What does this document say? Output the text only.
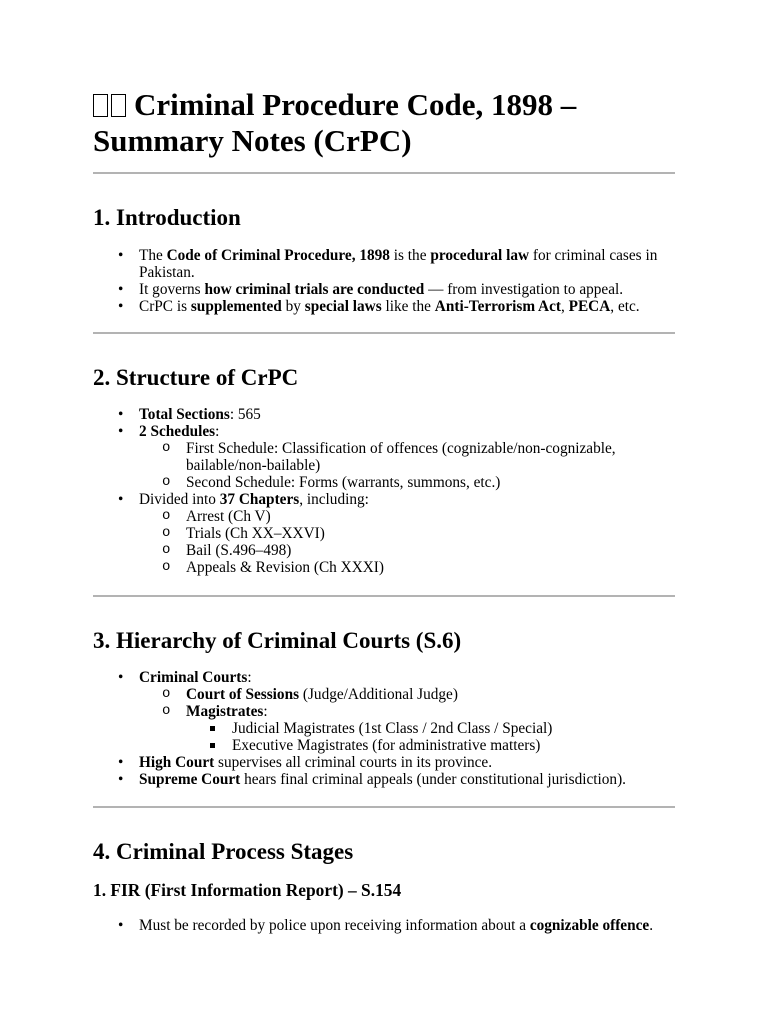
Criminal Procedure Code, 1898 – Summary Notes (CrPC)
1. Introduction
• The Code of Criminal Procedure, 1898 is the procedural law for criminal cases in Pakistan.
• It governs how criminal trials are conducted — from investigation to appeal.
• CrPC is supplemented by special laws like the Anti-Terrorism Act, PECA, etc.
2. Structure of CrPC
• Total Sections: 565
• 2 Schedules:
o First Schedule: Classification of offences (cognizable/non-cognizable, bailable/non-bailable)
o Second Schedule: Forms (warrants, summons, etc.)
• Divided into 37 Chapters, including:
o Arrest (Ch V)
o Trials (Ch XX–XXVI)
o Bail (S.496–498)
o Appeals & Revision (Ch XXXI)
3. Hierarchy of Criminal Courts (S.6)
• Criminal Courts:
o Court of Sessions (Judge/Additional Judge)
o Magistrates:
Judicial Magistrates (1st Class / 2nd Class / Special)
Executive Magistrates (for administrative matters)
• High Court supervises all criminal courts in its province.
• Supreme Court hears final criminal appeals (under constitutional jurisdiction).
4. Criminal Process Stages
1. FIR (First Information Report) – S.154
• Must be recorded by police upon receiving information about a cognizable offence.
